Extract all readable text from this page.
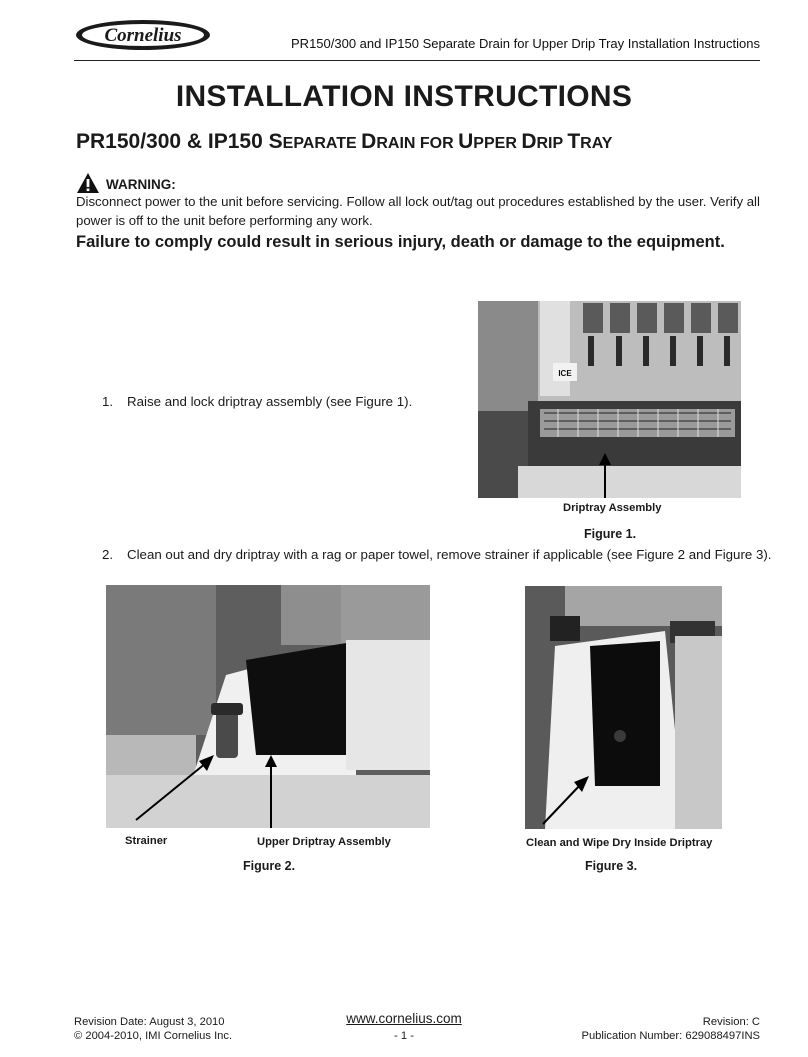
Cornelius	PR150/300 and IP150 Separate Drain for Upper Drip Tray Installation Instructions
INSTALLATION INSTRUCTIONS
PR150/300 & IP150 SEPARATE DRAIN FOR UPPER DRIP TRAY
WARNING:
Disconnect power to the unit before servicing. Follow all lock out/tag out procedures established by the user. Verify all power is off to the unit before performing any work.
Failure to comply could result in serious injury, death or damage to the equipment.
1. Raise and lock driptray assembly (see Figure 1).
ICE
Driptray Assembly
Figure 1.
2. Clean out and dry driptray with a rag or paper towel, remove strainer if applicable (see Figure 2 and Figure 3).
Strainer	Upper Driptray Assembly
Figure 2.
Clean and Wipe Dry Inside Driptray
Figure 3.
Revision Date: August 3, 2010
© 2004-2010, IMI Cornelius Inc.
www.cornelius.com
- 1 -
Revision: C
Publication Number: 629088497INS
